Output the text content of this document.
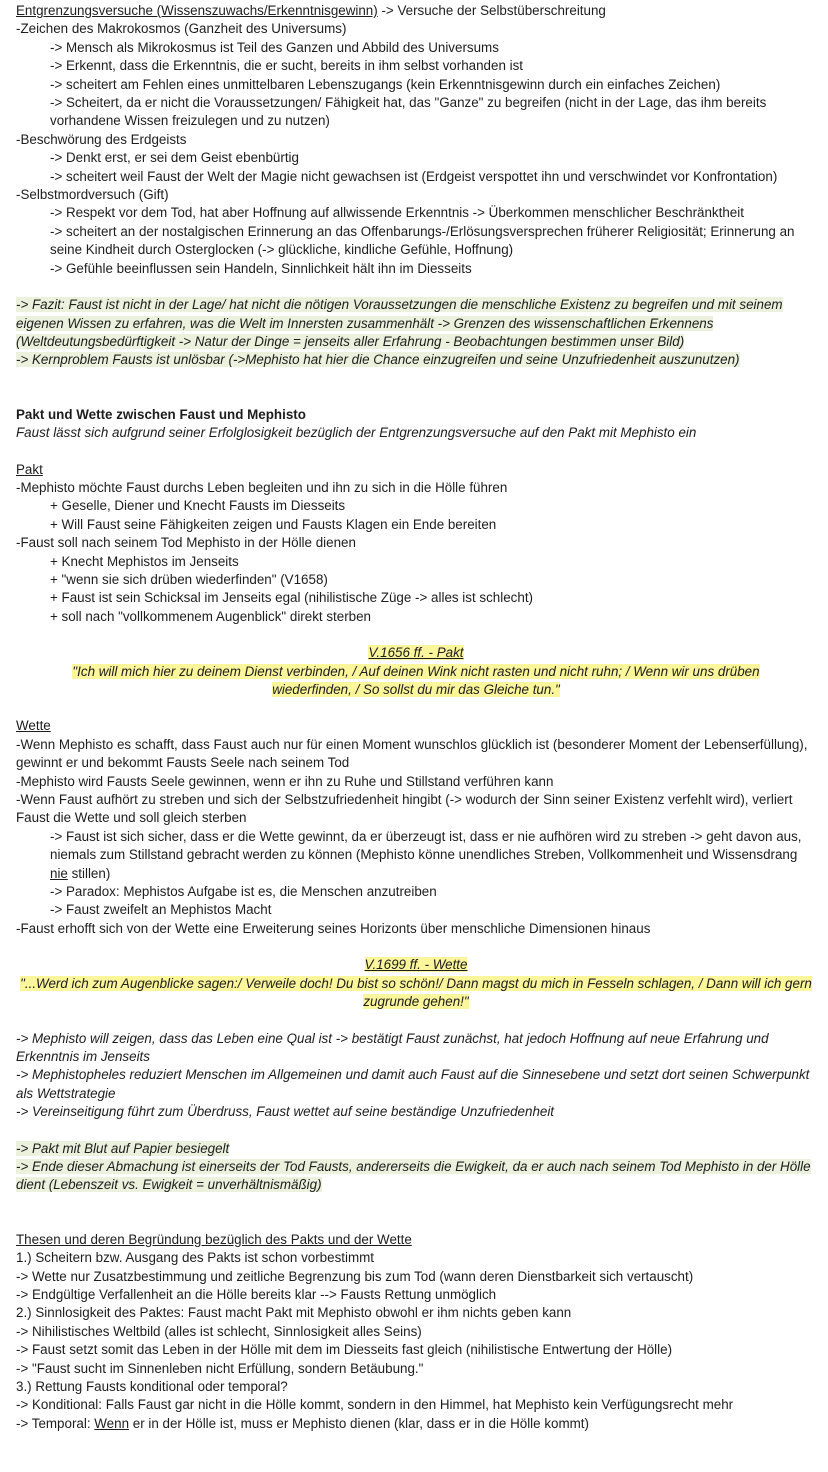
Entgrenzungsversuche (Wissenszuwachs/Erkenntnisgewinn) -> Versuche der Selbstüberschreitung
-Zeichen des Makrokosmos (Ganzheit des Universums)
-> Mensch als Mikrokosmus ist Teil des Ganzen und Abbild des Universums
-> Erkennt, dass die Erkenntnis, die er sucht, bereits in ihm selbst vorhanden ist
-> scheitert am Fehlen eines unmittelbaren Lebenszugangs (kein Erkenntnisgewinn durch ein einfaches Zeichen)
-> Scheitert, da er nicht die Voraussetzungen/ Fähigkeit hat, das "Ganze" zu begreifen (nicht in der Lage, das ihm bereits vorhandene Wissen freizulegen und zu nutzen)
-Beschwörung des Erdgeists
-> Denkt erst, er sei dem Geist ebenbürtig
-> scheitert weil Faust der Welt der Magie nicht gewachsen ist (Erdgeist verspottet ihn und verschwindet vor Konfrontation)
-Selbstmordversuch (Gift)
-> Respekt vor dem Tod, hat aber Hoffnung auf allwissende Erkenntnis -> Überkommen menschlicher Beschränktheit
-> scheitert an der nostalgischen Erinnerung an das Offenbarungs-/Erlösungsversprechen früherer Religiosität; Erinnerung an seine Kindheit durch Osterglocken (-> glückliche, kindliche Gefühle, Hoffnung)
-> Gefühle beeinflussen sein Handeln, Sinnlichkeit hält ihn im Diesseits
-> Fazit: Faust ist nicht in der Lage/ hat nicht die nötigen Voraussetzungen die menschliche Existenz zu begreifen und mit seinem eigenen Wissen zu erfahren, was die Welt im Innersten zusammenhält -> Grenzen des wissenschaftlichen Erkennens (Weltdeutungsbedürftigkeit -> Natur der Dinge = jenseits aller Erfahrung - Beobachtungen bestimmen unser Bild)
-> Kernproblem Fausts ist unlösbar (->Mephisto hat hier die Chance einzugreifen und seine Unzufriedenheit auszunutzen)
Pakt und Wette zwischen Faust und Mephisto
Faust lässt sich aufgrund seiner Erfolglosigkeit bezüglich der Entgrenzungsversuche auf den Pakt mit Mephisto ein
Pakt
-Mephisto möchte Faust durchs Leben begleiten und ihn zu sich in die Hölle führen
+ Geselle, Diener und Knecht Fausts im Diesseits
+ Will Faust seine Fähigkeiten zeigen und Fausts Klagen ein Ende bereiten
-Faust soll nach seinem Tod Mephisto in der Hölle dienen
+ Knecht Mephistos im Jenseits
+ "wenn sie sich drüben wiederfinden" (V1658)
+ Faust ist sein Schicksal im Jenseits egal (nihilistische Züge -> alles ist schlecht)
+ soll nach "vollkommenem Augenblick" direkt sterben
V.1656 ff. - Pakt
"Ich will mich hier zu deinem Dienst verbinden, / Auf deinen Wink nicht rasten und nicht ruhn; / Wenn wir uns drüben wiederfinden, / So sollst du mir das Gleiche tun."
Wette
-Wenn Mephisto es schafft, dass Faust auch nur für einen Moment wunschlos glücklich ist (besonderer Moment der Lebenserfüllung), gewinnt er und bekommt Fausts Seele nach seinem Tod
-Mephisto wird Fausts Seele gewinnen, wenn er ihn zu Ruhe und Stillstand verführen kann
-Wenn Faust aufhört zu streben und sich der Selbstzufriedenheit hingibt (-> wodurch der Sinn seiner Existenz verfehlt wird), verliert Faust die Wette und soll gleich sterben
-> Faust ist sich sicher, dass er die Wette gewinnt, da er überzeugt ist, dass er nie aufhören wird zu streben -> geht davon aus, niemals zum Stillstand gebracht werden zu können (Mephisto könne unendliches Streben, Vollkommenheit und Wissensdrang nie stillen)
-> Paradox: Mephistos Aufgabe ist es, die Menschen anzutreiben
-> Faust zweifelt an Mephistos Macht
-Faust erhofft sich von der Wette eine Erweiterung seines Horizonts über menschliche Dimensionen hinaus
V.1699 ff. - Wette
"...Werd ich zum Augenblicke sagen:/ Verweile doch! Du bist so schön!/ Dann magst du mich in Fesseln schlagen, / Dann will ich gern zugrunde gehen!"
-> Mephisto will zeigen, dass das Leben eine Qual ist -> bestätigt Faust zunächst, hat jedoch Hoffnung auf neue Erfahrung und Erkenntnis im Jenseits
-> Mephistopheles reduziert Menschen im Allgemeinen und damit auch Faust auf die Sinnesebene und setzt dort seinen Schwerpunkt als Wettstrategie
-> Vereinseitigung führt zum Überdruss, Faust wettet auf seine beständige Unzufriedenheit
-> Pakt mit Blut auf Papier besiegelt
-> Ende dieser Abmachung ist einerseits der Tod Fausts, andererseits die Ewigkeit, da er auch nach seinem Tod Mephisto in der Hölle dient (Lebenszeit vs. Ewigkeit = unverhältnismäßig)
Thesen und deren Begründung bezüglich des Pakts und der Wette
1.) Scheitern bzw. Ausgang des Pakts ist schon vorbestimmt
-> Wette nur Zusatzbestimmung und zeitliche Begrenzung bis zum Tod (wann deren Dienstbarkeit sich vertauscht)
-> Endgültige Verfallenheit an die Hölle bereits klar --> Fausts Rettung unmöglich
2.) Sinnlosigkeit des Paktes: Faust macht Pakt mit Mephisto obwohl er ihm nichts geben kann
-> Nihilistisches Weltbild (alles ist schlecht, Sinnlosigkeit alles Seins)
-> Faust setzt somit das Leben in der Hölle mit dem im Diesseits fast gleich (nihilistische Entwertung der Hölle)
-> "Faust sucht im Sinnenleben nicht Erfüllung, sondern Betäubung."
3.) Rettung Fausts konditional oder temporal?
-> Konditional: Falls Faust gar nicht in die Hölle kommt, sondern in den Himmel, hat Mephisto kein Verfügungsrecht mehr
-> Temporal: Wenn er in der Hölle ist, muss er Mephisto dienen (klar, dass er in die Hölle kommt)
